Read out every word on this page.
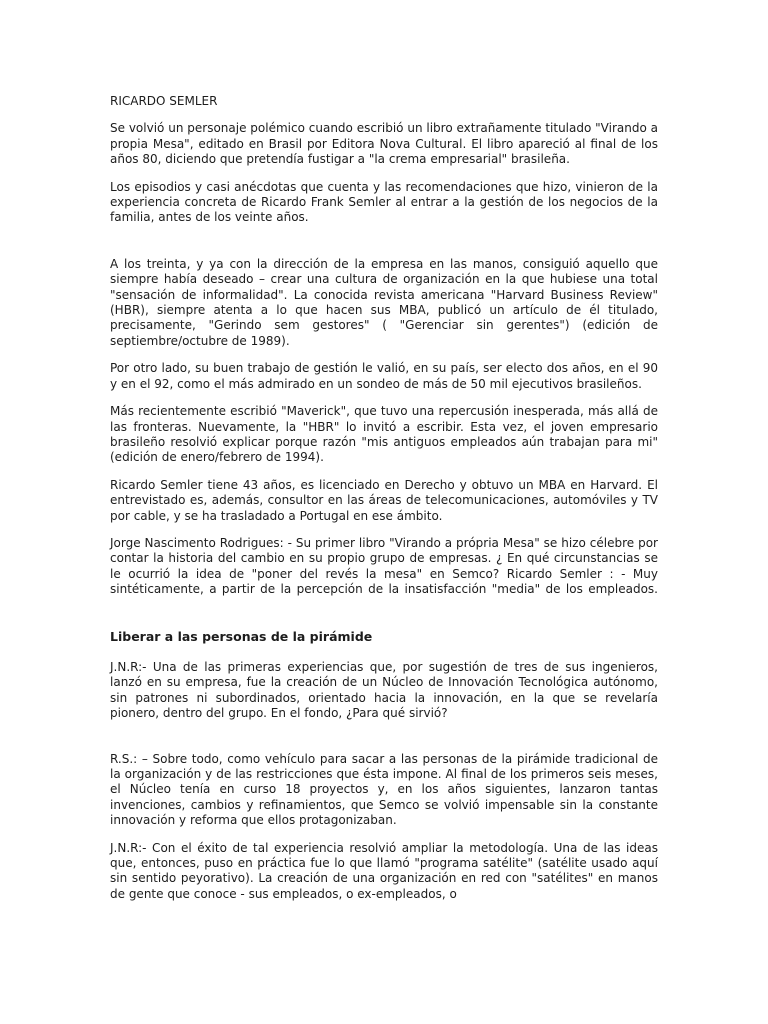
RICARDO SEMLER

Se volvió un personaje polémico cuando escribió un libro extrañamente titulado "Virando a propia Mesa", editado en Brasil por Editora Nova Cultural. El libro apareció al final de los años 80, diciendo que pretendía fustigar a "la crema empresarial" brasileña.

Los episodios y casi anécdotas que cuenta y las recomendaciones que hizo, vinieron de la experiencia concreta de Ricardo Frank Semler al entrar a la gestión de los negocios de la familia, antes de los veinte años.

A los treinta, y ya con la dirección de la empresa en las manos, consiguió aquello que siempre había deseado – crear una cultura de organización en la que hubiese una total "sensación de informalidad". La conocida revista americana "Harvard Business Review" (HBR), siempre atenta a lo que hacen sus MBA, publicó un artículo de él titulado, precisamente, "Gerindo sem gestores" ( "Gerenciar sin gerentes") (edición de septiembre/octubre de 1989).

Por otro lado, su buen trabajo de gestión le valió, en su país, ser electo dos años, en el 90 y en el 92, como el más admirado en un sondeo de más de 50 mil ejecutivos brasileños.

Más recientemente escribió "Maverick", que tuvo una repercusión inesperada, más allá de las fronteras. Nuevamente, la "HBR" lo invitó a escribir. Esta vez, el joven empresario brasileño resolvió explicar porque razón "mis antiguos empleados aún trabajan para mi" (edición de enero/febrero de 1994).

Ricardo Semler tiene 43 años, es licenciado en Derecho y obtuvo un MBA en Harvard. El entrevistado es, además, consultor en las áreas de telecomunicaciones, automóviles y TV por cable, y se ha trasladado a Portugal en ese ámbito.

Jorge Nascimento Rodrigues: - Su primer libro "Virando a própria Mesa" se hizo célebre por contar la historia del cambio en su propio grupo de empresas. ¿ En qué circunstancias se le ocurrió la idea de "poner del revés la mesa" en Semco? Ricardo Semler : - Muy sintéticamente, a partir de la percepción de la insatisfacción "media" de los empleados.

Liberar a las personas de la pirámide

J.N.R:- Una de las primeras experiencias que, por sugestión de tres de sus ingenieros, lanzó en su empresa, fue la creación de un Núcleo de Innovación Tecnológica autónomo, sin patrones ni subordinados, orientado hacia la innovación, en la que se revelaría pionero, dentro del grupo. En el fondo, ¿Para qué sirvió?

R.S.: – Sobre todo, como vehículo para sacar a las personas de la pirámide tradicional de la organización y de las restricciones que ésta impone. Al final de los primeros seis meses, el Núcleo tenía en curso 18 proyectos y, en los años siguientes, lanzaron tantas invenciones, cambios y refinamientos, que Semco se volvió impensable sin la constante innovación y reforma que ellos protagonizaban.

J.N.R:- Con el éxito de tal experiencia resolvió ampliar la metodología. Una de las ideas que, entonces, puso en práctica fue lo que llamó "programa satélite" (satélite usado aquí sin sentido peyorativo). La creación de una organización en red con "satélites" en manos de gente que conoce - sus empleados, o ex-empleados, o
